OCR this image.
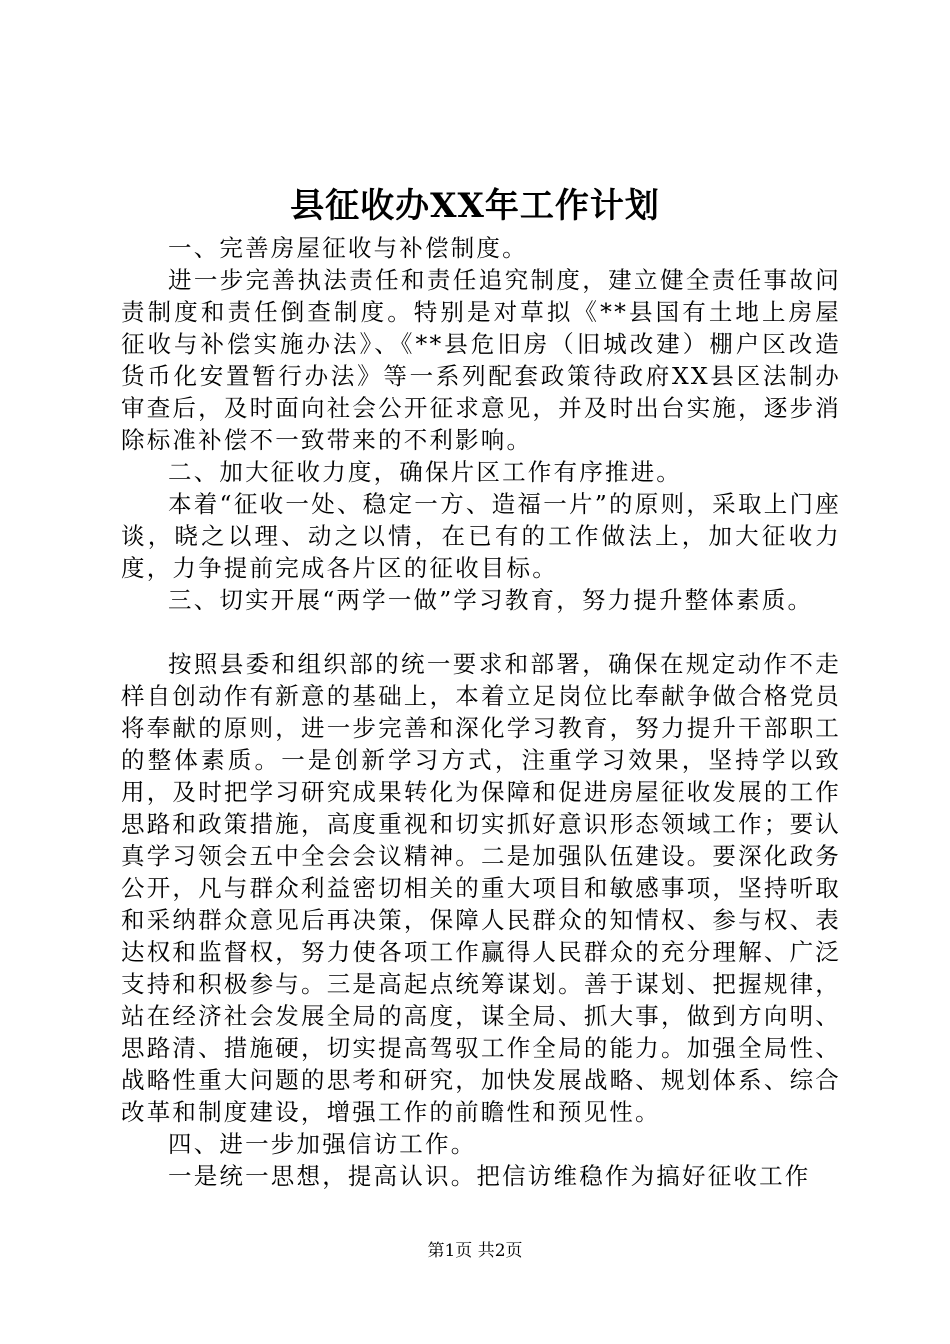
县征收办XX年工作计划

一、完善房屋征收与补偿制度。

进一步完善执法责任和责任追究制度，建立健全责任事故问责制度和责任倒查制度。特别是对草拟《**县国有土地上房屋征收与补偿实施办法》、《**县危旧房（旧城改建）棚户区改造货币化安置暂行办法》等一系列配套政策待政府XX县区法制办审查后，及时面向社会公开征求意见，并及时出台实施，逐步消除标准补偿不一致带来的不利影响。

二、加大征收力度，确保片区工作有序推进。

本着“征收一处、稳定一方、造福一片”的原则，采取上门座谈，晓之以理、动之以情，在已有的工作做法上，加大征收力度，力争提前完成各片区的征收目标。

三、切实开展“两学一做”学习教育，努力提升整体素质。

按照县委和组织部的统一要求和部署，确保在规定动作不走样自创动作有新意的基础上，本着立足岗位比奉献争做合格党员将奉献的原则，进一步完善和深化学习教育，努力提升干部职工的整体素质。一是创新学习方式，注重学习效果，坚持学以致用，及时把学习研究成果转化为保障和促进房屋征收发展的工作思路和政策措施，高度重视和切实抓好意识形态领域工作；要认真学习领会五中全会会议精神。二是加强队伍建设。要深化政务公开，凡与群众利益密切相关的重大项目和敏感事项，坚持听取和采纳群众意见后再决策，保障人民群众的知情权、参与权、表达权和监督权，努力使各项工作赢得人民群众的充分理解、广泛支持和积极参与。三是高起点统筹谋划。善于谋划、把握规律，站在经济社会发展全局的高度，谋全局、抓大事，做到方向明、思路清、措施硬，切实提高驾驭工作全局的能力。加强全局性、战略性重大问题的思考和研究，加快发展战略、规划体系、综合改革和制度建设，增强工作的前瞻性和预见性。

四、进一步加强信访工作。

一是统一思想，提高认识。把信访维稳作为搞好征收工作

第1页 共2页
